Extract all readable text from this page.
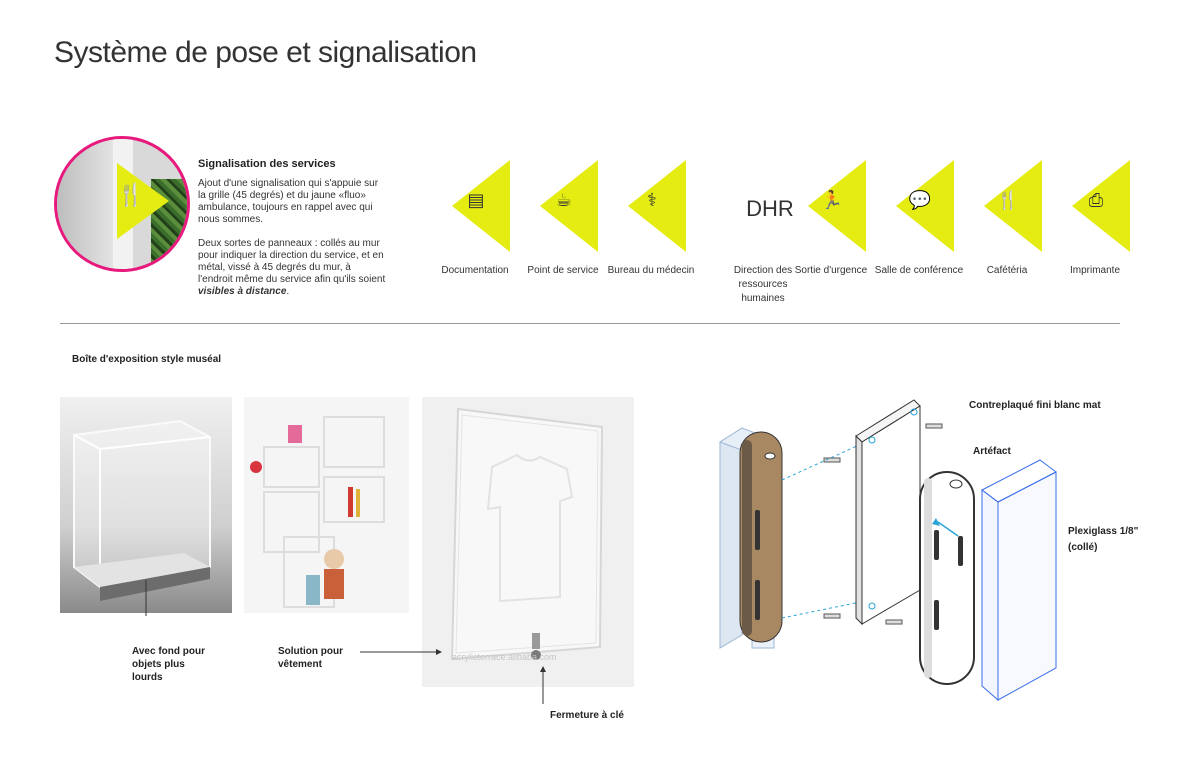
Système de pose et signalisation
🍴
Signalisation des services

Ajout d'une signalisation qui s'appuie sur la grille (45 degrés) et du jaune «fluo» ambulance, toujours en rappel avec qui nous sommes.

Deux sortes de panneaux : collés au mur pour indiquer la direction du service, et en métal, vissé à 45 degrés du mur, à l'endroit même du service afin qu'ils soient visibles à distance.

▤
Documentation
☕
Point de service
⚕
Bureau du médecin
DHR
Direction des ressources humaines
🏃
Sortie d'urgence
💬
Salle de conférence
🍴
Cafétéria
⎙
Imprimante
Boîte d'exposition style muséal
acrylicterrace.alibaba.com
Avec fond pour objets plus lourds
Solution pour vêtement
Fermeture à clé
Contreplaqué fini blanc mat
Artéfact
Plexiglass 1/8" (collé)
